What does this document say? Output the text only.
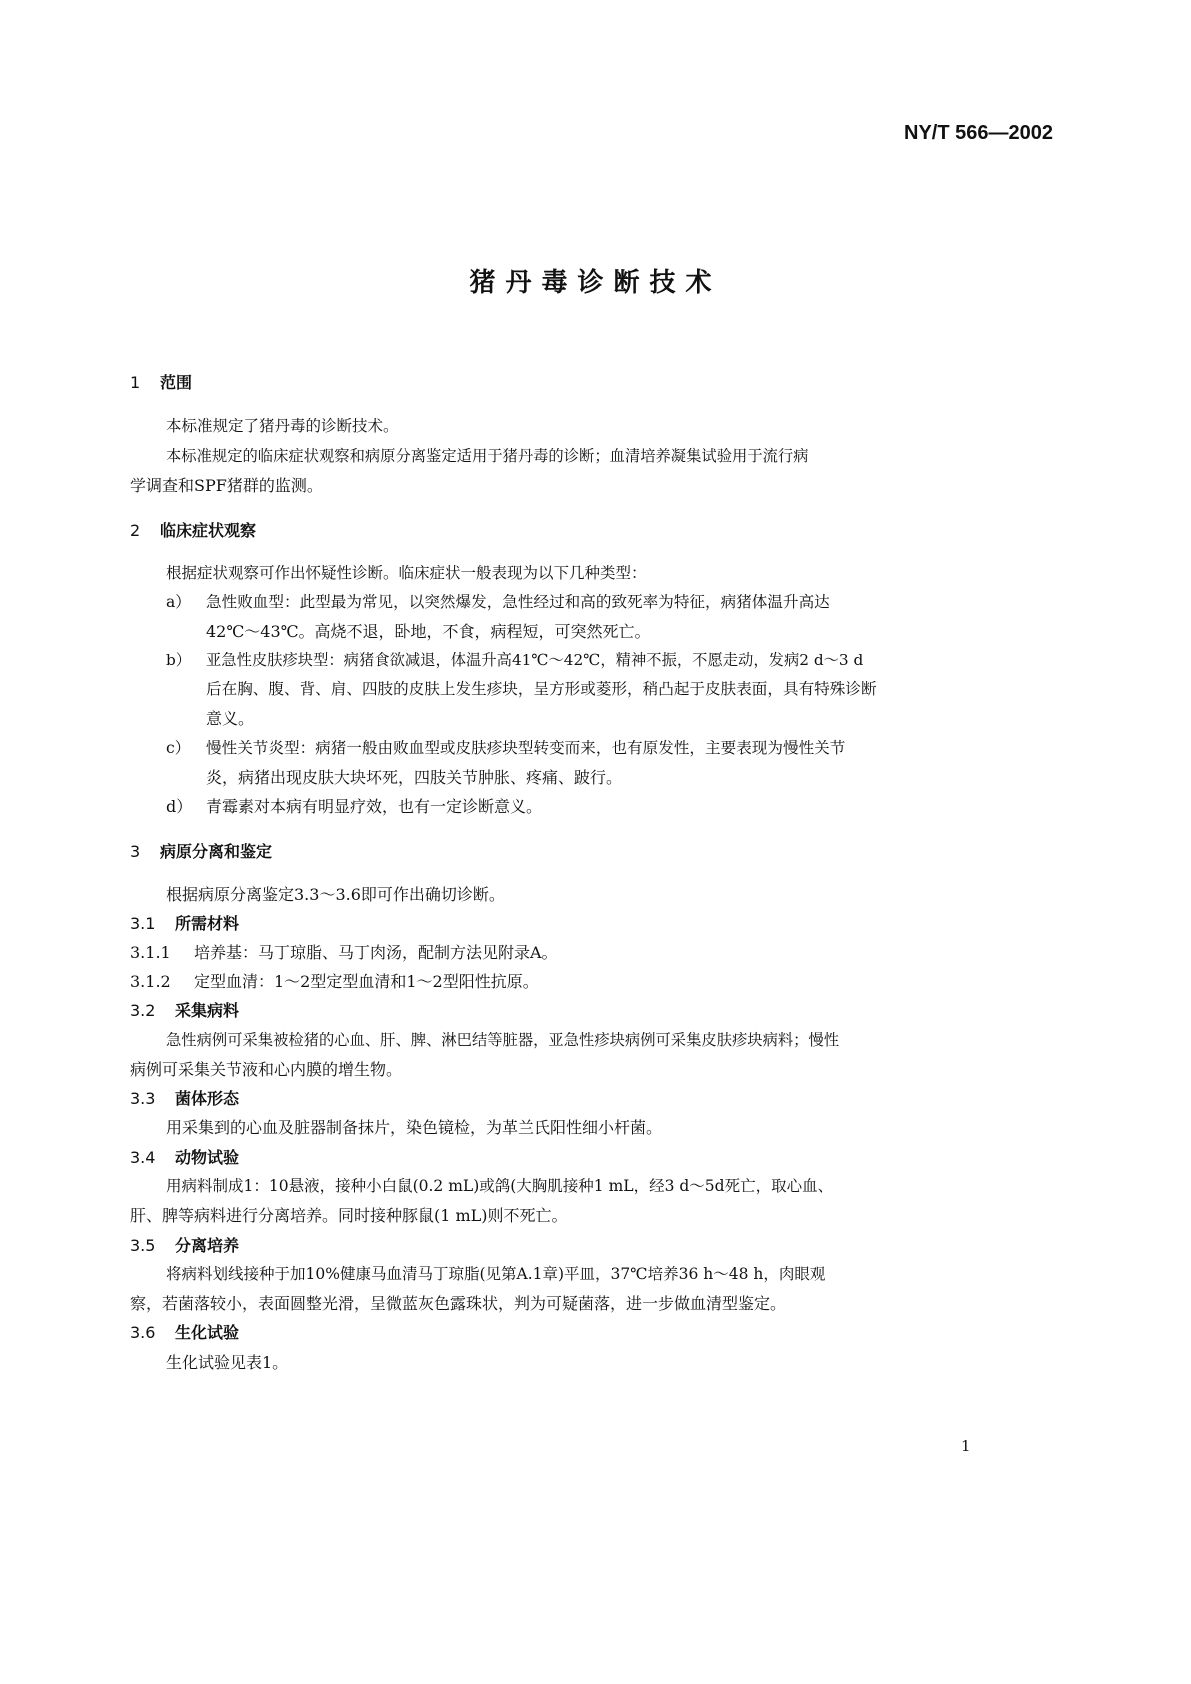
NY/T 566—2002
猪丹毒诊断技术
1 范围
本标准规定了猪丹毒的诊断技术。
本标准规定的临床症状观察和病原分离鉴定适用于猪丹毒的诊断；血清培养凝集试验用于流行病
学调查和SPF猪群的监测。
2 临床症状观察
根据症状观察可作出怀疑性诊断。临床症状一般表现为以下几种类型：
a） 急性败血型：此型最为常见，以突然爆发，急性经过和高的致死率为特征，病猪体温升高达
42℃～43℃。高烧不退，卧地，不食，病程短，可突然死亡。
b） 亚急性皮肤疹块型：病猪食欲减退，体温升高41℃～42℃，精神不振，不愿走动，发病2 d～3 d
后在胸、腹、背、肩、四肢的皮肤上发生疹块，呈方形或菱形，稍凸起于皮肤表面，具有特殊诊断
意义。
c） 慢性关节炎型：病猪一般由败血型或皮肤疹块型转变而来，也有原发性，主要表现为慢性关节
炎，病猪出现皮肤大块坏死，四肢关节肿胀、疼痛、跛行。
d） 青霉素对本病有明显疗效，也有一定诊断意义。
3 病原分离和鉴定
根据病原分离鉴定3.3～3.6即可作出确切诊断。
3.1 所需材料
3.1.1 培养基：马丁琼脂、马丁肉汤，配制方法见附录A。
3.1.2 定型血清：1～2型定型血清和1～2型阳性抗原。
3.2 采集病料
急性病例可采集被检猪的心血、肝、脾、淋巴结等脏器，亚急性疹块病例可采集皮肤疹块病料；慢性
病例可采集关节液和心内膜的增生物。
3.3 菌体形态
用采集到的心血及脏器制备抹片，染色镜检，为革兰氏阳性细小杆菌。
3.4 动物试验
用病料制成1：10悬液，接种小白鼠(0.2 mL)或鸽(大胸肌接种1 mL，经3 d～5d死亡，取心血、
肝、脾等病料进行分离培养。同时接种豚鼠(1 mL)则不死亡。
3.5 分离培养
将病料划线接种于加10%健康马血清马丁琼脂(见第A.1章)平皿，37℃培养36 h～48 h，肉眼观
察，若菌落较小，表面圆整光滑，呈微蓝灰色露珠状，判为可疑菌落，进一步做血清型鉴定。
3.6 生化试验
生化试验见表1。
1
